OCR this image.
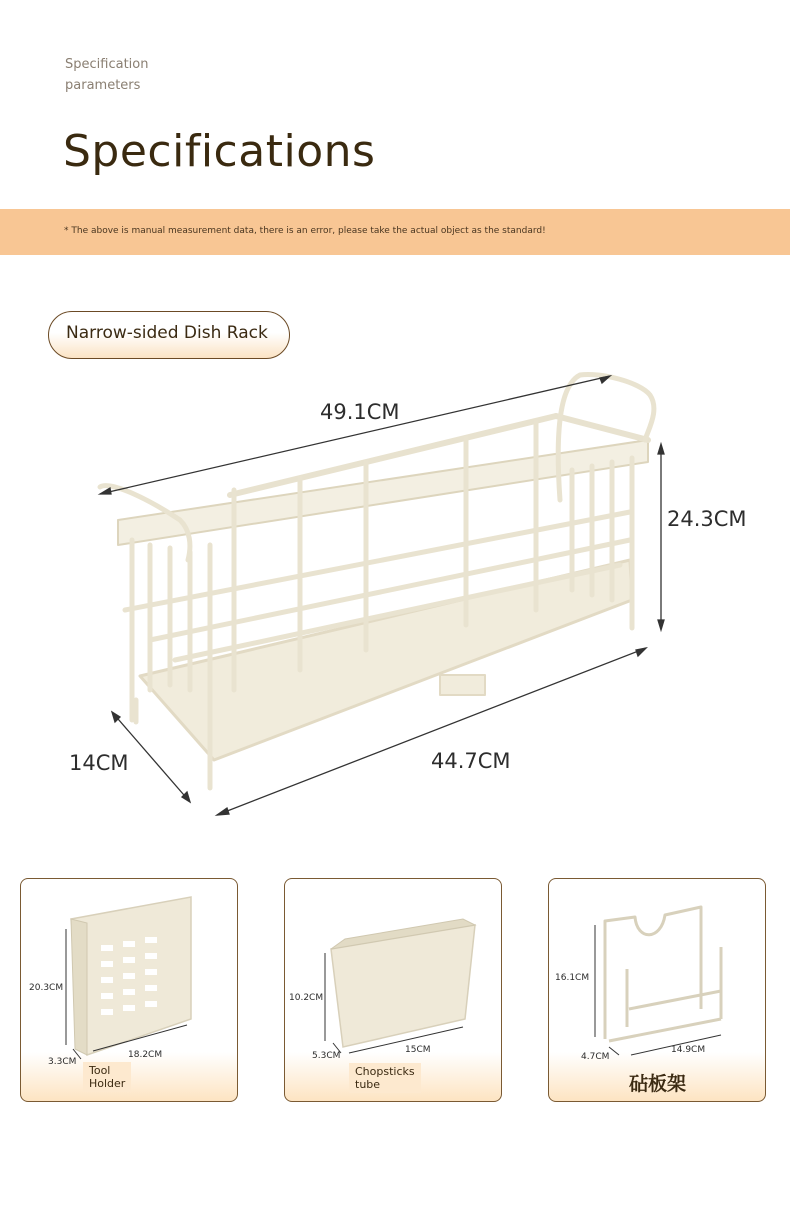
Specification
parameters
Specifications
* The above is manual measurement data, there is an error, please take the actual object as the standard!
Narrow-sided Dish Rack
49.1CM
24.3CM
14CM	44.7CM
20.3CM
3.3CM
18.2CM
Tool
Holder
10.2CM
5.3CM
15CM
Chopsticks
tube
16.1CM
4.7CM
14.9CM
砧板架
